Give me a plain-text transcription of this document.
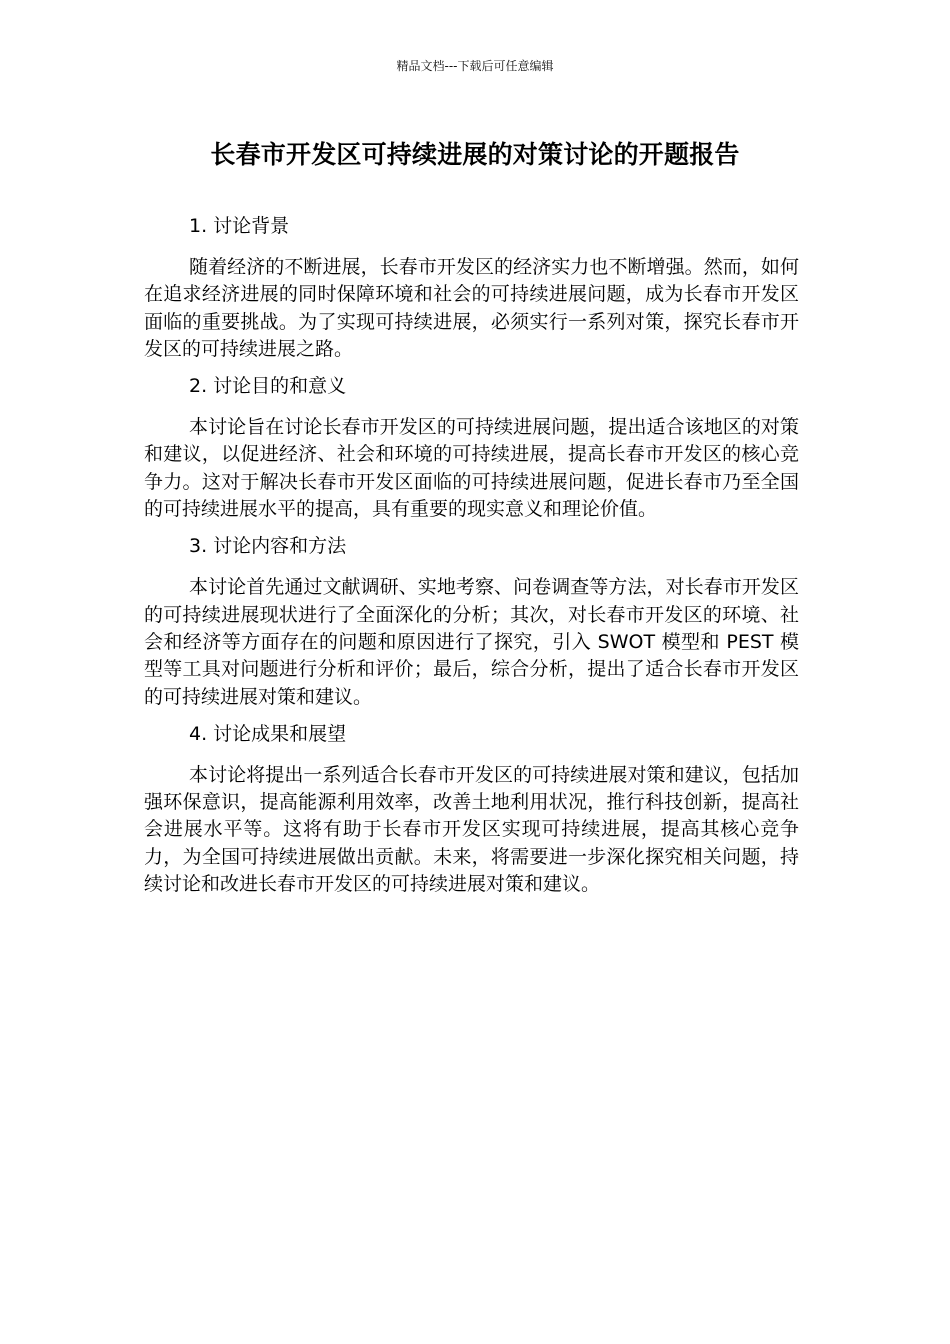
精品文档---下载后可任意编辑
长春市开发区可持续进展的对策讨论的开题报告
1. 讨论背景

随着经济的不断进展，长春市开发区的经济实力也不断增强。然而，如何在追求经济进展的同时保障环境和社会的可持续进展问题，成为长春市开发区面临的重要挑战。为了实现可持续进展，必须实行一系列对策，探究长春市开发区的可持续进展之路。

2. 讨论目的和意义

本讨论旨在讨论长春市开发区的可持续进展问题，提出适合该地区的对策和建议，以促进经济、社会和环境的可持续进展，提高长春市开发区的核心竞争力。这对于解决长春市开发区面临的可持续进展问题，促进长春市乃至全国的可持续进展水平的提高，具有重要的现实意义和理论价值。

3. 讨论内容和方法

本讨论首先通过文献调研、实地考察、问卷调查等方法，对长春市开发区的可持续进展现状进行了全面深化的分析；其次，对长春市开发区的环境、社会和经济等方面存在的问题和原因进行了探究，引入 SWOT 模型和 PEST 模型等工具对问题进行分析和评价；最后，综合分析，提出了适合长春市开发区的可持续进展对策和建议。

4. 讨论成果和展望

本讨论将提出一系列适合长春市开发区的可持续进展对策和建议，包括加强环保意识，提高能源利用效率，改善土地利用状况，推行科技创新，提高社会进展水平等。这将有助于长春市开发区实现可持续进展，提高其核心竞争力，为全国可持续进展做出贡献。未来，将需要进一步深化探究相关问题，持续讨论和改进长春市开发区的可持续进展对策和建议。
